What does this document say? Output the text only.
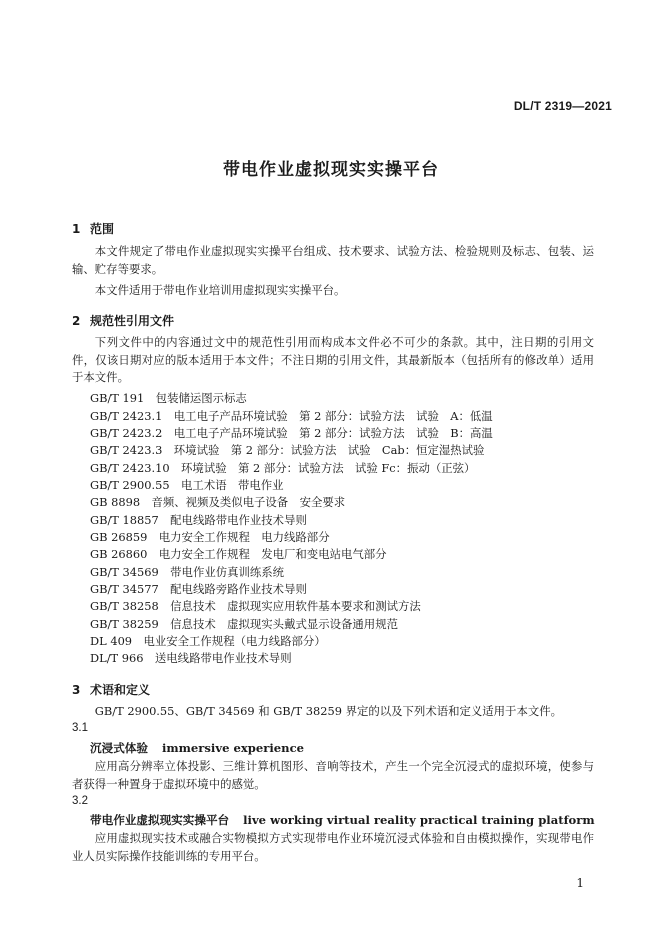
DL/T 2319—2021
带电作业虚拟现实实操平台
1 范围
本文件规定了带电作业虚拟现实实操平台组成、技术要求、试验方法、检验规则及标志、包装、运输、贮存等要求。
本文件适用于带电作业培训用虚拟现实实操平台。
2 规范性引用文件
下列文件中的内容通过文中的规范性引用而构成本文件必不可少的条款。其中，注日期的引用文件，仅该日期对应的版本适用于本文件；不注日期的引用文件，其最新版本（包括所有的修改单）适用于本文件。
GB/T 191  包装储运图示标志
GB/T 2423.1  电工电子产品环境试验　第 2 部分：试验方法　试验　A：低温
GB/T 2423.2  电工电子产品环境试验　第 2 部分：试验方法　试验　B：高温
GB/T 2423.3  环境试验　第 2 部分：试验方法　试验　Cab：恒定湿热试验
GB/T 2423.10  环境试验　第 2 部分：试验方法　试验 Fc：振动（正弦）
GB/T 2900.55  电工术语　带电作业
GB 8898  音频、视频及类似电子设备　安全要求
GB/T 18857  配电线路带电作业技术导则
GB 26859  电力安全工作规程　电力线路部分
GB 26860  电力安全工作规程　发电厂和变电站电气部分
GB/T 34569  带电作业仿真训练系统
GB/T 34577  配电线路旁路作业技术导则
GB/T 38258  信息技术　虚拟现实应用软件基本要求和测试方法
GB/T 38259  信息技术　虚拟现实头戴式显示设备通用规范
DL 409  电业安全工作规程（电力线路部分）
DL/T 966  送电线路带电作业技术导则
3 术语和定义
GB/T 2900.55、GB/T 34569 和 GB/T 38259 界定的以及下列术语和定义适用于本文件。
3.1
沉浸式体验 immersive experience
应用高分辨率立体投影、三维计算机图形、音响等技术，产生一个完全沉浸式的虚拟环境，使参与者获得一种置身于虚拟环境中的感觉。
3.2
带电作业虚拟现实实操平台 live working virtual reality practical training platform
应用虚拟现实技术或融合实物模拟方式实现带电作业环境沉浸式体验和自由模拟操作，实现带电作业人员实际操作技能训练的专用平台。
1
